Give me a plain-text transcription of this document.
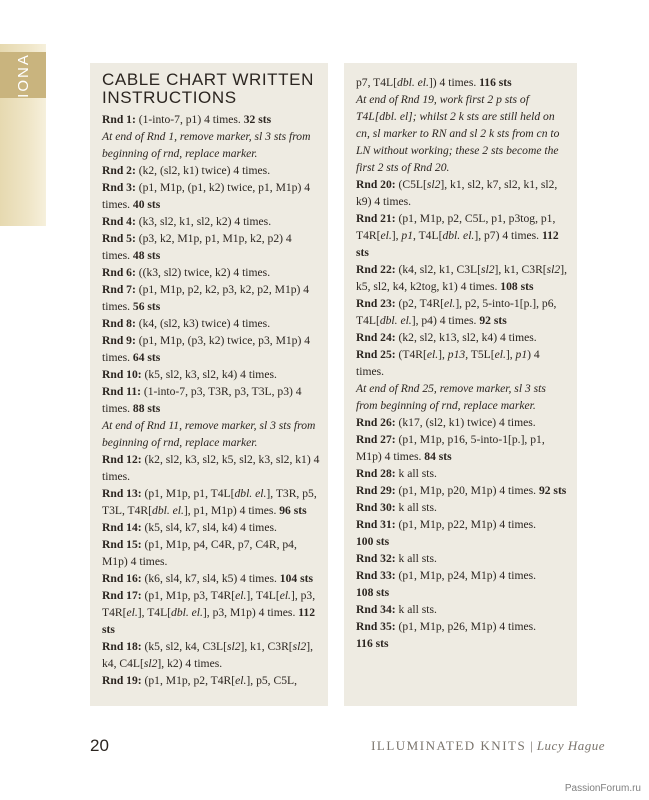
IONA	CABLE CHART WRITTEN INSTRUCTIONS

Rnd 1: (1-into-7, p1) 4 times. 32 sts

At end of Rnd 1, remove marker, sl 3 sts from beginning of rnd, replace marker.

Rnd 2: (k2, (sl2, k1) twice) 4 times.

Rnd 3: (p1, M1p, (p1, k2) twice, p1, M1p) 4 times. 40 sts

Rnd 4: (k3, sl2, k1, sl2, k2) 4 times.

Rnd 5: (p3, k2, M1p, p1, M1p, k2, p2) 4 times. 48 sts

Rnd 6: ((k3, sl2) twice, k2) 4 times.

Rnd 7: (p1, M1p, p2, k2, p3, k2, p2, M1p) 4 times. 56 sts

Rnd 8: (k4, (sl2, k3) twice) 4 times.

Rnd 9: (p1, M1p, (p3, k2) twice, p3, M1p) 4 times. 64 sts

Rnd 10: (k5, sl2, k3, sl2, k4) 4 times.

Rnd 11: (1-into-7, p3, T3R, p3, T3L, p3) 4 times. 88 sts

At end of Rnd 11, remove marker, sl 3 sts from beginning of rnd, replace marker.

Rnd 12: (k2, sl2, k3, sl2, k5, sl2, k3, sl2, k1) 4 times.

Rnd 13: (p1, M1p, p1, T4L[dbl. el.], T3R, p5, T3L, T4R[dbl. el.], p1, M1p) 4 times. 96 sts

Rnd 14: (k5, sl4, k7, sl4, k4) 4 times.

Rnd 15: (p1, M1p, p4, C4R, p7, C4R, p4, M1p) 4 times.

Rnd 16: (k6, sl4, k7, sl4, k5) 4 times. 104 sts

Rnd 17: (p1, M1p, p3, T4R[el.], T4L[el.], p3, T4R[el.], T4L[dbl. el.], p3, M1p) 4 times. 112 sts

Rnd 18: (k5, sl2, k4, C3L[sl2], k1, C3R[sl2], k4, C4L[sl2], k2) 4 times.

Rnd 19: (p1, M1p, p2, T4R[el.], p5, C5L,

p7, T4L[dbl. el.]) 4 times. 116 sts

At end of Rnd 19, work first 2 p sts of T4L[dbl. el]; whilst 2 k sts are still held on cn, sl marker to RN and sl 2 k sts from cn to LN without working; these 2 sts become the first 2 sts of Rnd 20.

Rnd 20: (C5L[sl2], k1, sl2, k7, sl2, k1, sl2, k9) 4 times.

Rnd 21: (p1, M1p, p2, C5L, p1, p3tog, p1, T4R[el.], p1, T4L[dbl. el.], p7) 4 times. 112 sts

Rnd 22: (k4, sl2, k1, C3L[sl2], k1, C3R[sl2], k5, sl2, k4, k2tog, k1) 4 times. 108 sts

Rnd 23: (p2, T4R[el.], p2, 5-into-1[p.], p6, T4L[dbl. el.], p4) 4 times. 92 sts

Rnd 24: (k2, sl2, k13, sl2, k4) 4 times.

Rnd 25: (T4R[el.], p13, T5L[el.], p1) 4 times.

At end of Rnd 25, remove marker, sl 3 sts from beginning of rnd, replace marker.

Rnd 26: (k17, (sl2, k1) twice) 4 times.

Rnd 27: (p1, M1p, p16, 5-into-1[p.], p1, M1p) 4 times. 84 sts

Rnd 28: k all sts.

Rnd 29: (p1, M1p, p20, M1p) 4 times. 92 sts

Rnd 30: k all sts.

Rnd 31: (p1, M1p, p22, M1p) 4 times.

100 sts

Rnd 32: k all sts.

Rnd 33: (p1, M1p, p24, M1p) 4 times.

108 sts

Rnd 34: k all sts.

Rnd 35: (p1, M1p, p26, M1p) 4 times.

116 sts

20	ILLUMINATED KNITS | Lucy Hague
PassionForum.ru
